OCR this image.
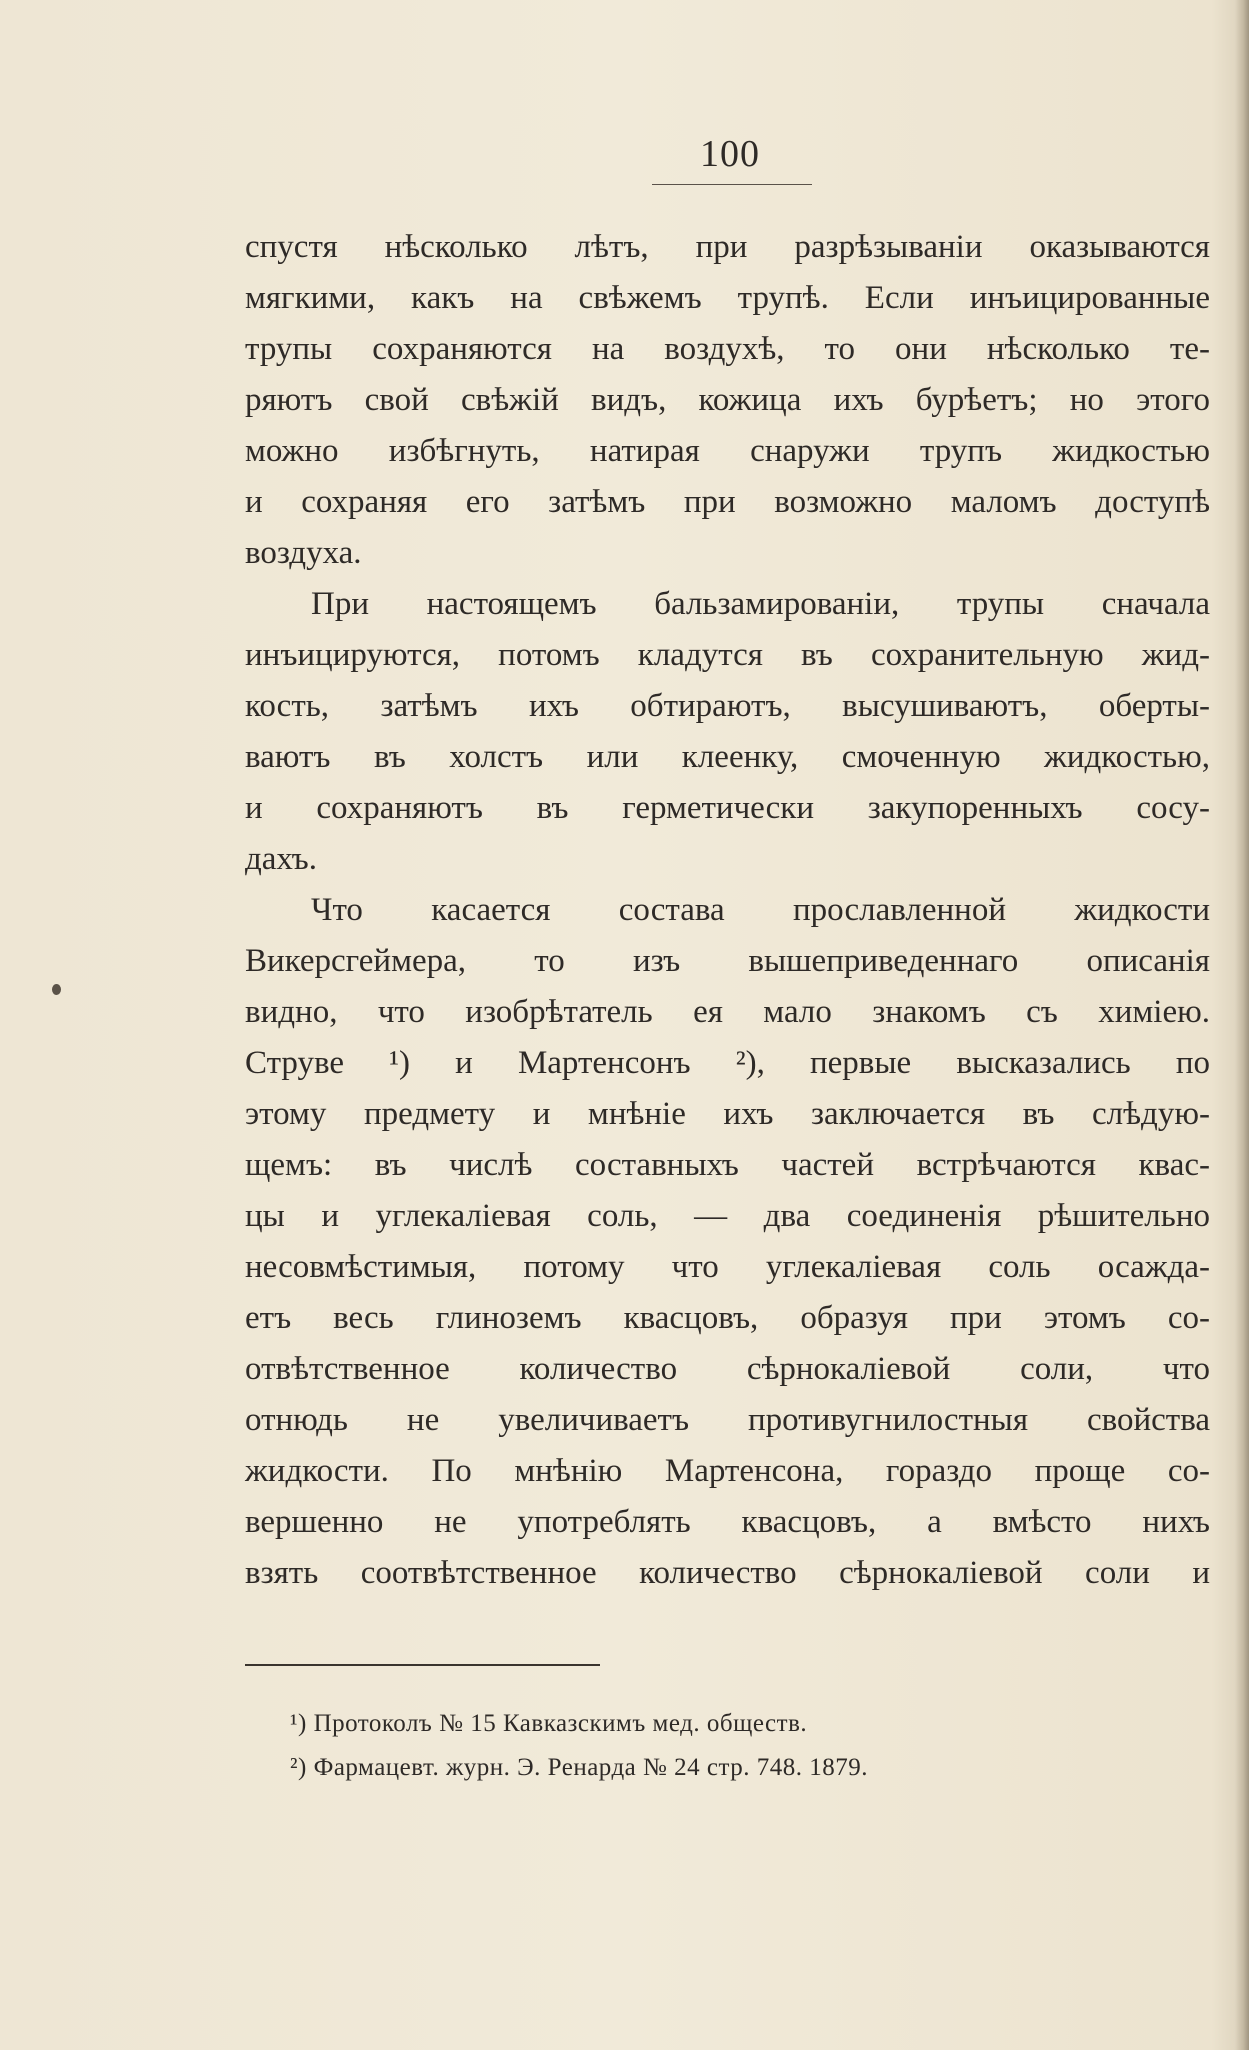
100
спустя нѣсколько лѣтъ, при разрѣзываніи оказываются
мягкими, какъ на свѣжемъ трупѣ. Если инъицированные
трупы сохраняются на воздухѣ, то они нѣсколько те-
ряютъ свой свѣжій видъ, кожица ихъ бурѣетъ; но этого
можно избѣгнуть, натирая снаружи трупъ жидкостью
и сохраняя его затѣмъ при возможно маломъ доступѣ
воздуха.
При настоящемъ бальзамированіи, трупы сначала
инъицируются, потомъ кладутся въ сохранительную жид-
кость, затѣмъ ихъ обтираютъ, высушиваютъ, оберты-
ваютъ въ холстъ или клеенку, смоченную жидкостью,
и сохраняютъ въ герметически закупоренныхъ сосу-
дахъ.
Что касается состава прославленной жидкости
Викерсгеймера, то изъ вышеприведеннаго описанія
видно, что изобрѣтатель ея мало знакомъ съ химіею.
Струве ¹) и Мартенсонъ ²), первые высказались по
этому предмету и мнѣніе ихъ заключается въ слѣдую-
щемъ: въ числѣ составныхъ частей встрѣчаются квас-
цы и углекаліевая соль, — два соединенія рѣшительно
несовмѣстимыя, потому что углекаліевая соль осажда-
етъ весь глиноземъ квасцовъ, образуя при этомъ со-
отвѣтственное количество сѣрнокаліевой соли, что
отнюдь не увеличиваетъ противугнилостныя свойства
жидкости. По мнѣнію Мартенсона, гораздо проще со-
вершенно не употреблять квасцовъ, а вмѣсто нихъ
взять соотвѣтственное количество сѣрнокаліевой соли и
¹) Протоколъ № 15 Кавказскимъ мед. обществ.
²) Фармацевт. журн. Э. Ренарда № 24 стр. 748. 1879.
